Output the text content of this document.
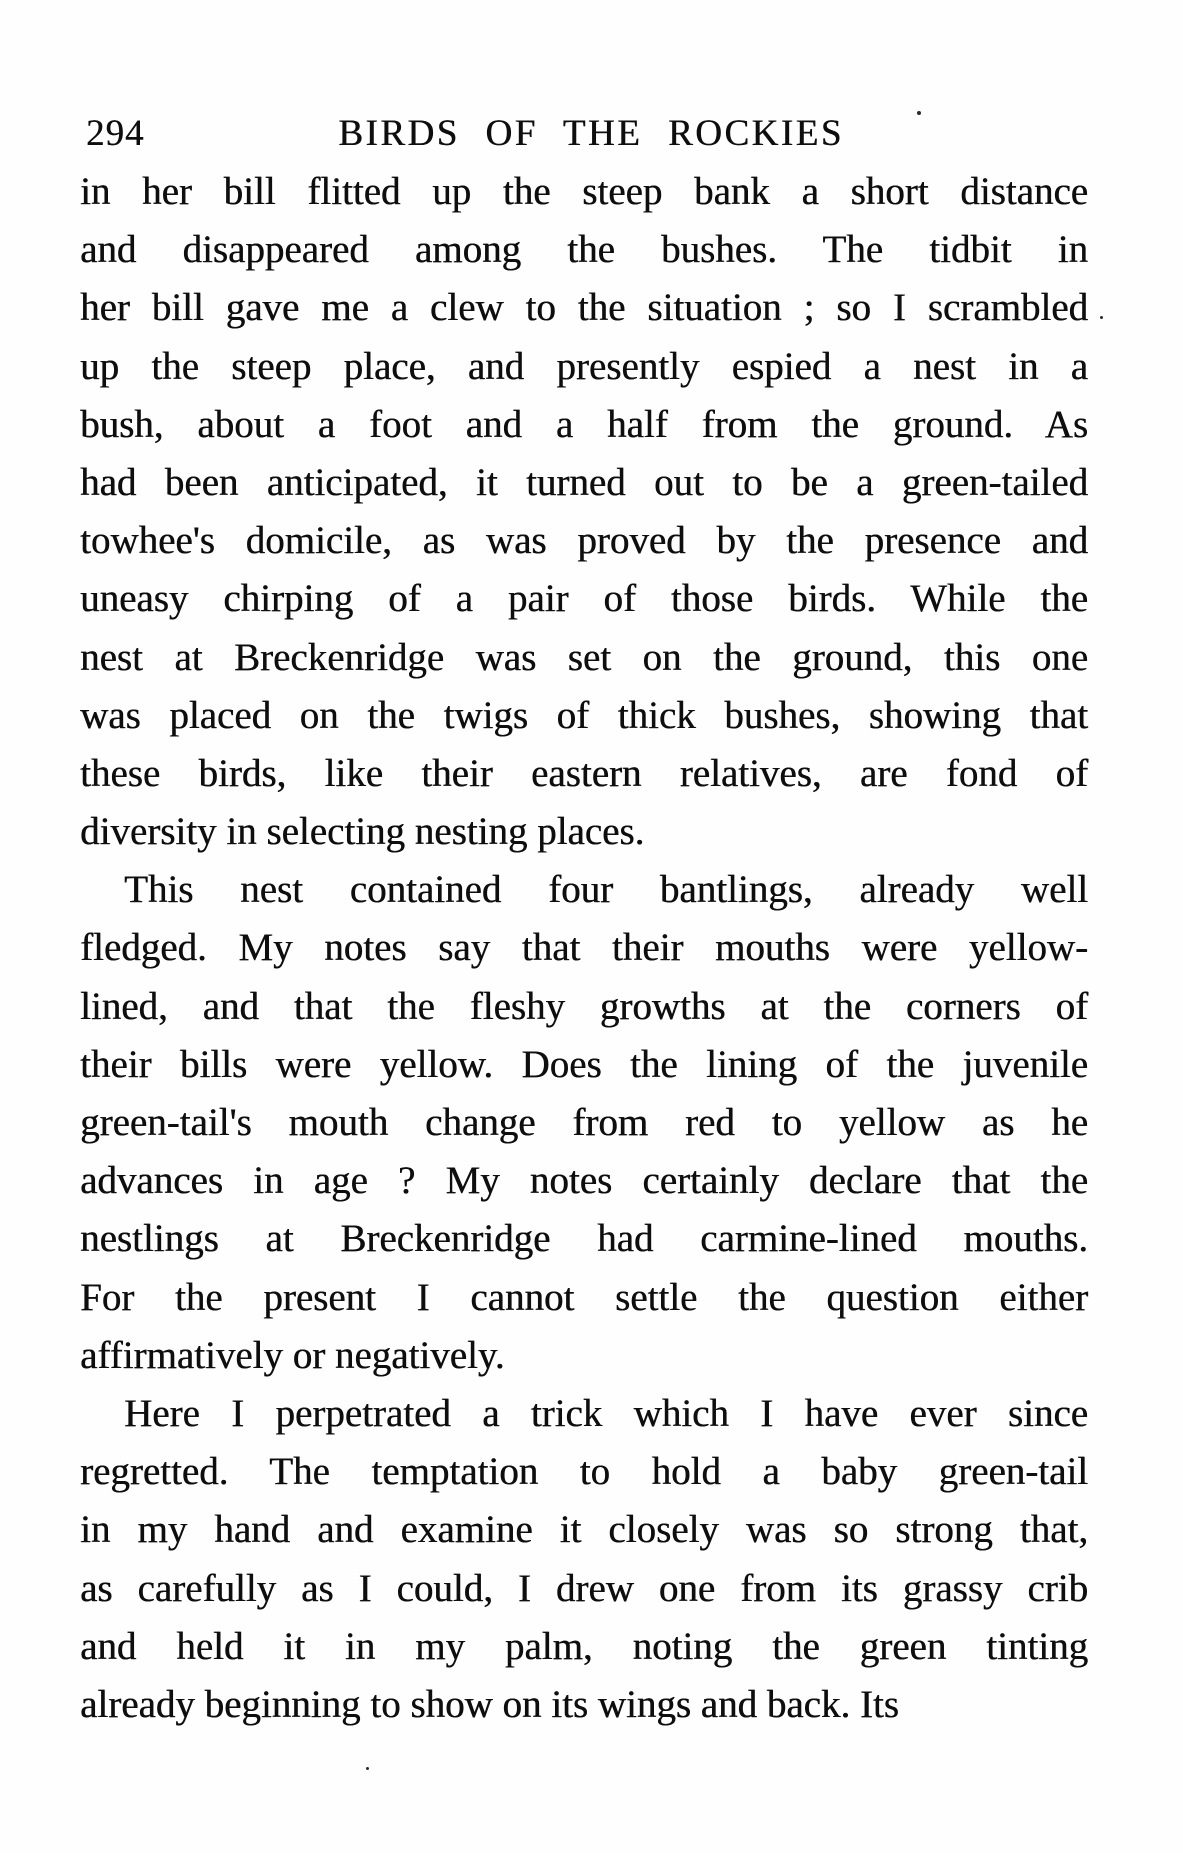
294	BIRDS OF THE ROCKIES
in her bill flitted up the steep bank a short distance
and disappeared among the bushes. The tidbit in
her bill gave me a clew to the situation ; so I scrambled
up the steep place, and presently espied a nest in a
bush, about a foot and a half from the ground. As
had been anticipated, it turned out to be a green-tailed
towhee's domicile, as was proved by the presence and
uneasy chirping of a pair of those birds. While the
nest at Breckenridge was set on the ground, this one
was placed on the twigs of thick bushes, showing that
these birds, like their eastern relatives, are fond of
diversity in selecting nesting places.
This nest contained four bantlings, already well
fledged. My notes say that their mouths were yellow-
lined, and that the fleshy growths at the corners of
their bills were yellow. Does the lining of the juvenile
green-tail's mouth change from red to yellow as he
advances in age ? My notes certainly declare that the
nestlings at Breckenridge had carmine-lined mouths.
For the present I cannot settle the question either
affirmatively or negatively.
Here I perpetrated a trick which I have ever since
regretted. The temptation to hold a baby green-tail
in my hand and examine it closely was so strong that,
as carefully as I could, I drew one from its grassy crib
and held it in my palm, noting the green tinting
already beginning to show on its wings and back. Its
